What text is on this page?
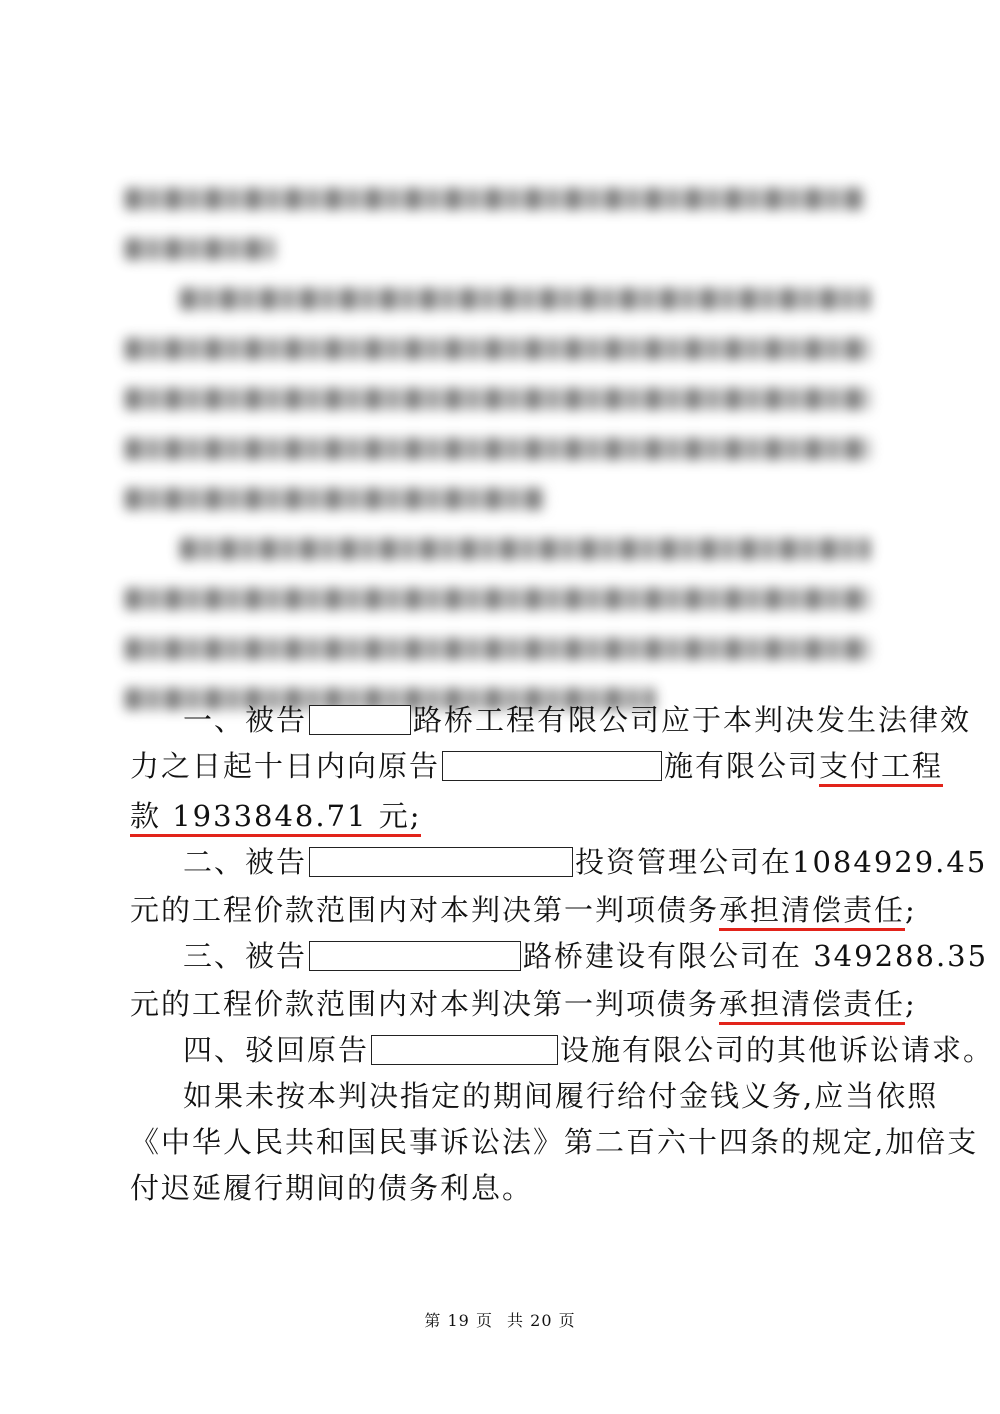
一、被告	路桥工程有限公司应于本判决发生法律效
力之日起十日内向原告	施有限公司支付工程
款 1933848.71 元;
二、被告	投资管理公司在1084929.45
元的工程价款范围内对本判决第一判项债务承担清偿责任;
三、被告	路桥建设有限公司在 349288.35
元的工程价款范围内对本判决第一判项债务承担清偿责任;
四、驳回原告	设施有限公司的其他诉讼请求。
如果未按本判决指定的期间履行给付金钱义务,应当依照
《中华人民共和国民事诉讼法》第二百六十四条的规定,加倍支
付迟延履行期间的债务利息。
第 19 页 共 20 页
